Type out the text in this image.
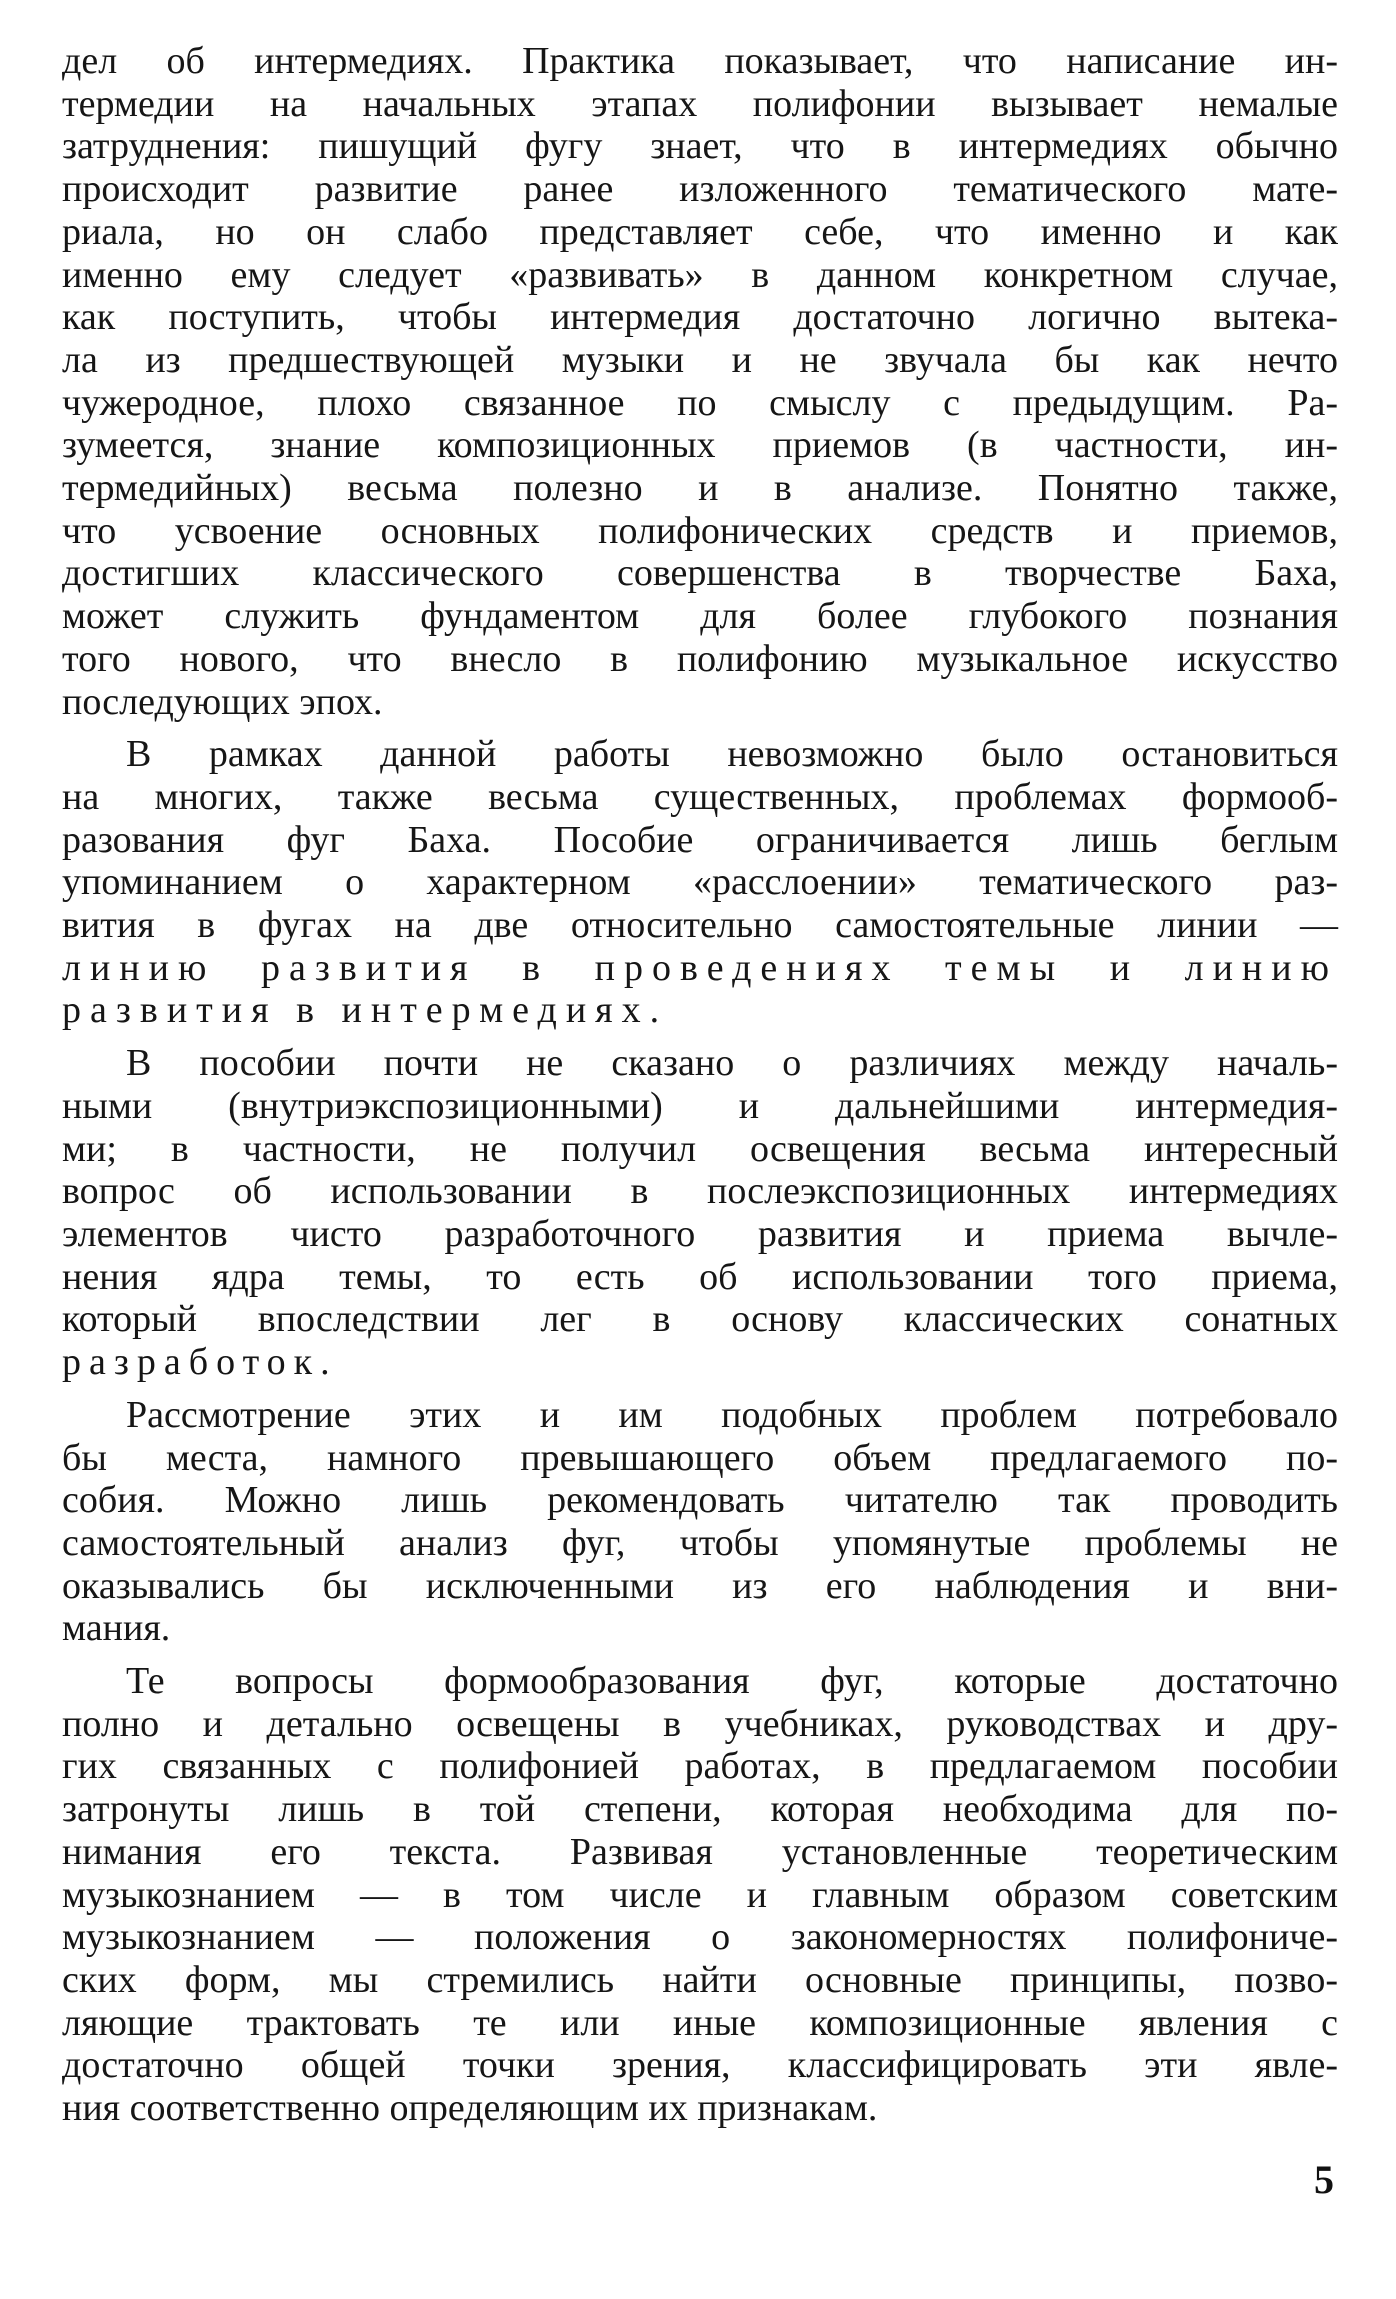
дел об интермедиях. Практика показывает, что написание ин-
термедии на начальных этапах полифонии вызывает немалые
затруднения: пишущий фугу знает, что в интермедиях обычно
происходит развитие ранее изложенного тематического мате-
риала, но он слабо представляет себе, что именно и как
именно ему следует «развивать» в данном конкретном случае,
как поступить, чтобы интермедия достаточно логично вытека-
ла из предшествующей музыки и не звучала бы как нечто
чужеродное, плохо связанное по смыслу с предыдущим. Ра-
зумеется, знание композиционных приемов (в частности, ин-
термедийных) весьма полезно и в анализе. Понятно также,
что усвоение основных полифонических средств и приемов,
достигших классического совершенства в творчестве Баха,
может служить фундаментом для более глубокого познания
того нового, что внесло в полифонию музыкальное искусство
последующих эпох.
В рамках данной работы невозможно было остановиться
на многих, также весьма существенных, проблемах формооб-
разования фуг Баха. Пособие ограничивается лишь беглым
упоминанием о характерном «расслоении» тематического раз-
вития в фугах на две относительно самостоятельные линии —
линию развития в проведениях темы и линию
развития в интермедиях.
В пособии почти не сказано о различиях между началь-
ными (внутриэкспозиционными) и дальнейшими интермедия-
ми; в частности, не получил освещения весьма интересный
вопрос об использовании в послеэкспозиционных интермедиях
элементов чисто разработочного развития и приема вычле-
нения ядра темы, то есть об использовании того приема,
который впоследствии лег в основу классических сонатных
разработок.
Рассмотрение этих и им подобных проблем потребовало
бы места, намного превышающего объем предлагаемого по-
собия. Можно лишь рекомендовать читателю так проводить
самостоятельный анализ фуг, чтобы упомянутые проблемы не
оказывались бы исключенными из его наблюдения и вни-
мания.
Те вопросы формообразования фуг, которые достаточно
полно и детально освещены в учебниках, руководствах и дру-
гих связанных с полифонией работах, в предлагаемом пособии
затронуты лишь в той степени, которая необходима для по-
нимания его текста. Развивая установленные теоретическим
музыкознанием — в том числе и главным образом советским
музыкознанием — положения о закономерностях полифониче-
ских форм, мы стремились найти основные принципы, позво-
ляющие трактовать те или иные композиционные явления с
достаточно общей точки зрения, классифицировать эти явле-
ния соответственно определяющим их признакам.
5
